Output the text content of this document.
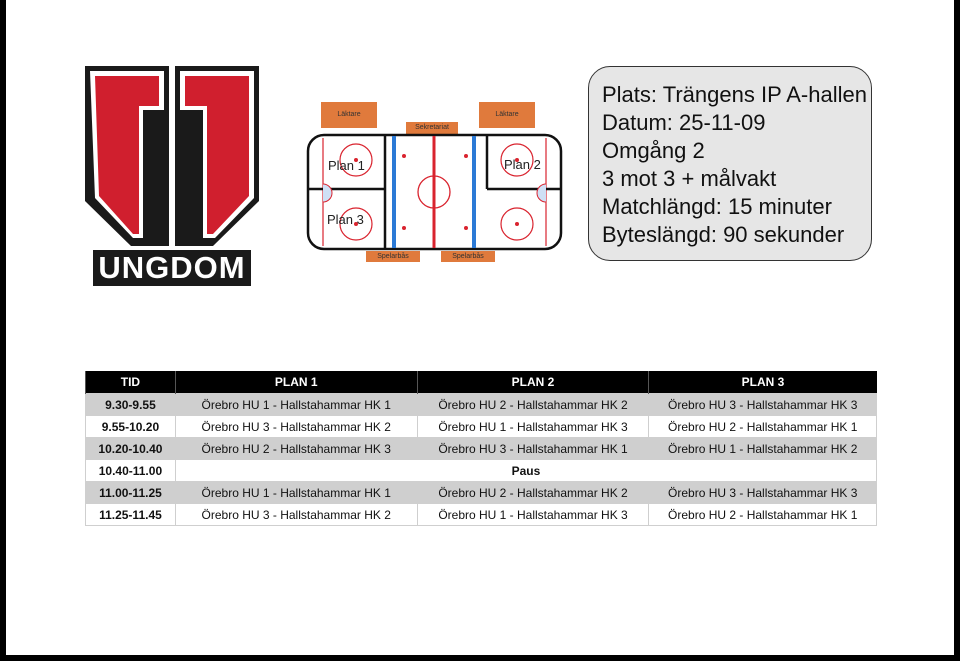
UNGDOM
Läktare	Läktare
Sekretariat
Spelarbås	Spelarbås
Plan 1	Plan 2
Plan 3
Plats: Trängens IP A-hallen
Datum: 25-11-09
Omgång 2
3 mot 3 + målvakt
Matchlängd: 15 minuter
Byteslängd: 90 sekunder
TID	PLAN 1	PLAN 2	PLAN 3
9.30-9.55	Örebro HU 1 - Hallstahammar HK 1	Örebro HU 2 - Hallstahammar HK 2	Örebro HU 3 - Hallstahammar HK 3
9.55-10.20	Örebro HU 3 - Hallstahammar HK 2	Örebro HU 1 - Hallstahammar HK 3	Örebro HU 2 - Hallstahammar HK 1
10.20-10.40	Örebro HU 2 - Hallstahammar HK 3	Örebro HU 3 - Hallstahammar HK 1	Örebro HU 1 - Hallstahammar HK 2
10.40-11.00	Paus		
11.00-11.25	Örebro HU 1 - Hallstahammar HK 1	Örebro HU 2 - Hallstahammar HK 2	Örebro HU 3 - Hallstahammar HK 3
11.25-11.45	Örebro HU 3 - Hallstahammar HK 2	Örebro HU 1 - Hallstahammar HK 3	Örebro HU 2 - Hallstahammar HK 1
